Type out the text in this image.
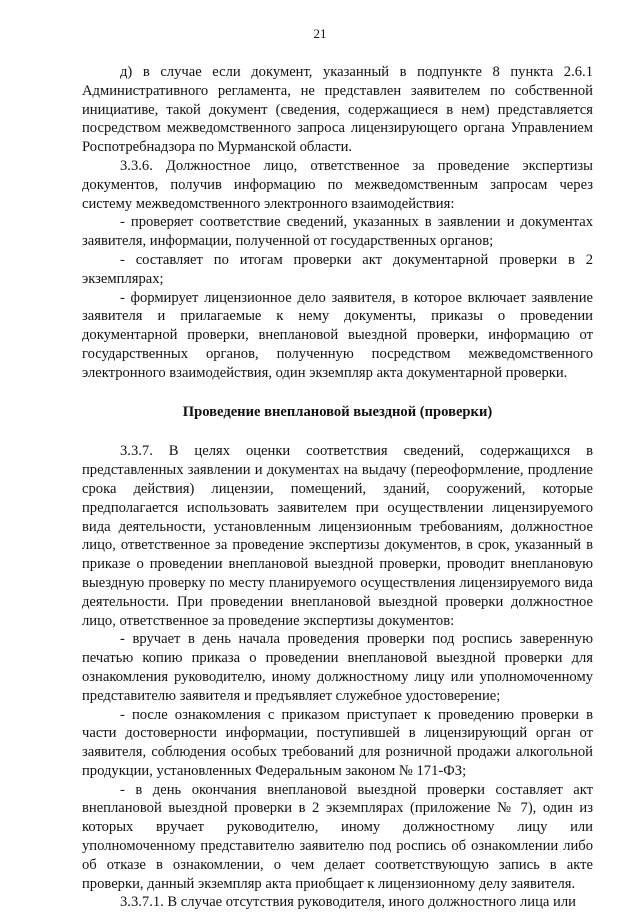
21

д) в случае если документ, указанный в подпункте 8 пункта 2.6.1 Административного регламента, не представлен заявителем по собственной инициативе, такой документ (сведения, содержащиеся в нем) представляется посредством межведомственного запроса лицензирующего органа Управлением Роспотребнадзора по Мурманской области.

3.3.6. Должностное лицо, ответственное за проведение экспертизы документов, получив информацию по межведомственным запросам через систему межведомственного электронного взаимодействия:

- проверяет соответствие сведений, указанных в заявлении и документах заявителя, информации, полученной от государственных органов;

- составляет по итогам проверки акт документарной проверки в 2 экземплярах;

- формирует лицензионное дело заявителя, в которое включает заявление заявителя и прилагаемые к нему документы, приказы о проведении документарной проверки, внеплановой выездной проверки, информацию от государственных органов, полученную посредством межведомственного электронного взаимодействия, один экземпляр акта документарной проверки.

Проведение внеплановой выездной (проверки)

3.3.7. В целях оценки соответствия сведений, содержащихся в представленных заявлении и документах на выдачу (переоформление, продление срока действия) лицензии, помещений, зданий, сооружений, которые предполагается использовать заявителем при осуществлении лицензируемого вида деятельности, установленным лицензионным требованиям, должностное лицо, ответственное за проведение экспертизы документов, в срок, указанный в приказе о проведении внеплановой выездной проверки, проводит внеплановую выездную проверку по месту планируемого осуществления лицензируемого вида деятельности. При проведении внеплановой выездной проверки должностное лицо, ответственное за проведение экспертизы документов:

- вручает в день начала проведения проверки под роспись заверенную печатью копию приказа о проведении внеплановой выездной проверки для ознакомления руководителю, иному должностному лицу или уполномоченному представителю заявителя и предъявляет служебное удостоверение;

- после ознакомления с приказом приступает к проведению проверки в части достоверности информации, поступившей в лицензирующий орган от заявителя, соблюдения особых требований для розничной продажи алкогольной продукции, установленных Федеральным законом № 171-ФЗ;

- в день окончания внеплановой выездной проверки составляет акт внеплановой выездной проверки в 2 экземплярах (приложение № 7), один из которых вручает руководителю, иному должностному лицу или уполномоченному представителю заявителю под роспись об ознакомлении либо об отказе в ознакомлении, о чем делает соответствующую запись в акте проверки, данный экземпляр акта приобщает к лицензионному делу заявителя.

3.3.7.1. В случае отсутствия руководителя, иного должностного лица или
